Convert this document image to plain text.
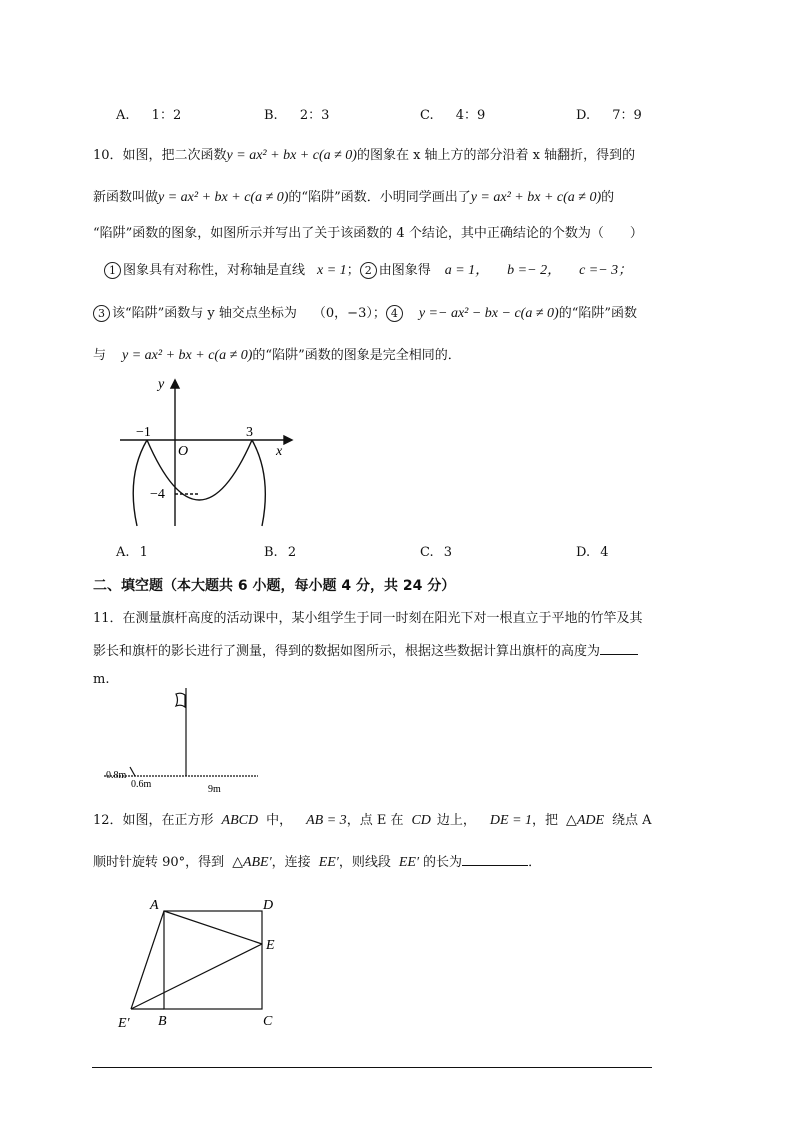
A. 1：2	B. 2：3	C. 4：9	D. 7：9
10．如图，把二次函数y = ax² + bx + c(a ≠ 0)的图象在 x 轴上方的部分沿着 x 轴翻折，得到的
新函数叫做y = ax² + bx + c(a ≠ 0)的“陷阱”函数．小明同学画出了y = ax² + bx + c(a ≠ 0)的
“陷阱”函数的图象，如图所示并写出了关于该函数的 4 个结论，其中正确结论的个数为（　　）
1 图象具有对称性，对称轴是直线 x = 1； 2 由图象得 a = 1， b =− 2， c =− 3；
3 该“陷阱”函数与 y 轴交点坐标为 （0，−3）； 4 y =− ax² − bx − c(a ≠ 0)的“陷阱”函数
与 y = ax² + bx + c(a ≠ 0)的“陷阱”函数的图象是完全相同的．
y
x
O
−1	3
−4
A. 1	B. 2	C. 3	D. 4
二、填空题（本大题共 6 小题，每小题 4 分，共 24 分）
11．在测量旗杆高度的活动课中，某小组学生于同一时刻在阳光下对一根直立于平地的竹竿及其
影长和旗杆的影长进行了测量，得到的数据如图所示，根据这些数据计算出旗杆的高度为
m.
0.8m
0.6m	9m
12．如图，在正方形 ABCD 中， AB = 3，点 E 在 CD 边上， DE = 1，把 △ADE 绕点 A
顺时针旋转 90°，得到 △ABE′，连接 EE′，则线段 EE′ 的长为	．
A	D
E
B	C
E′
